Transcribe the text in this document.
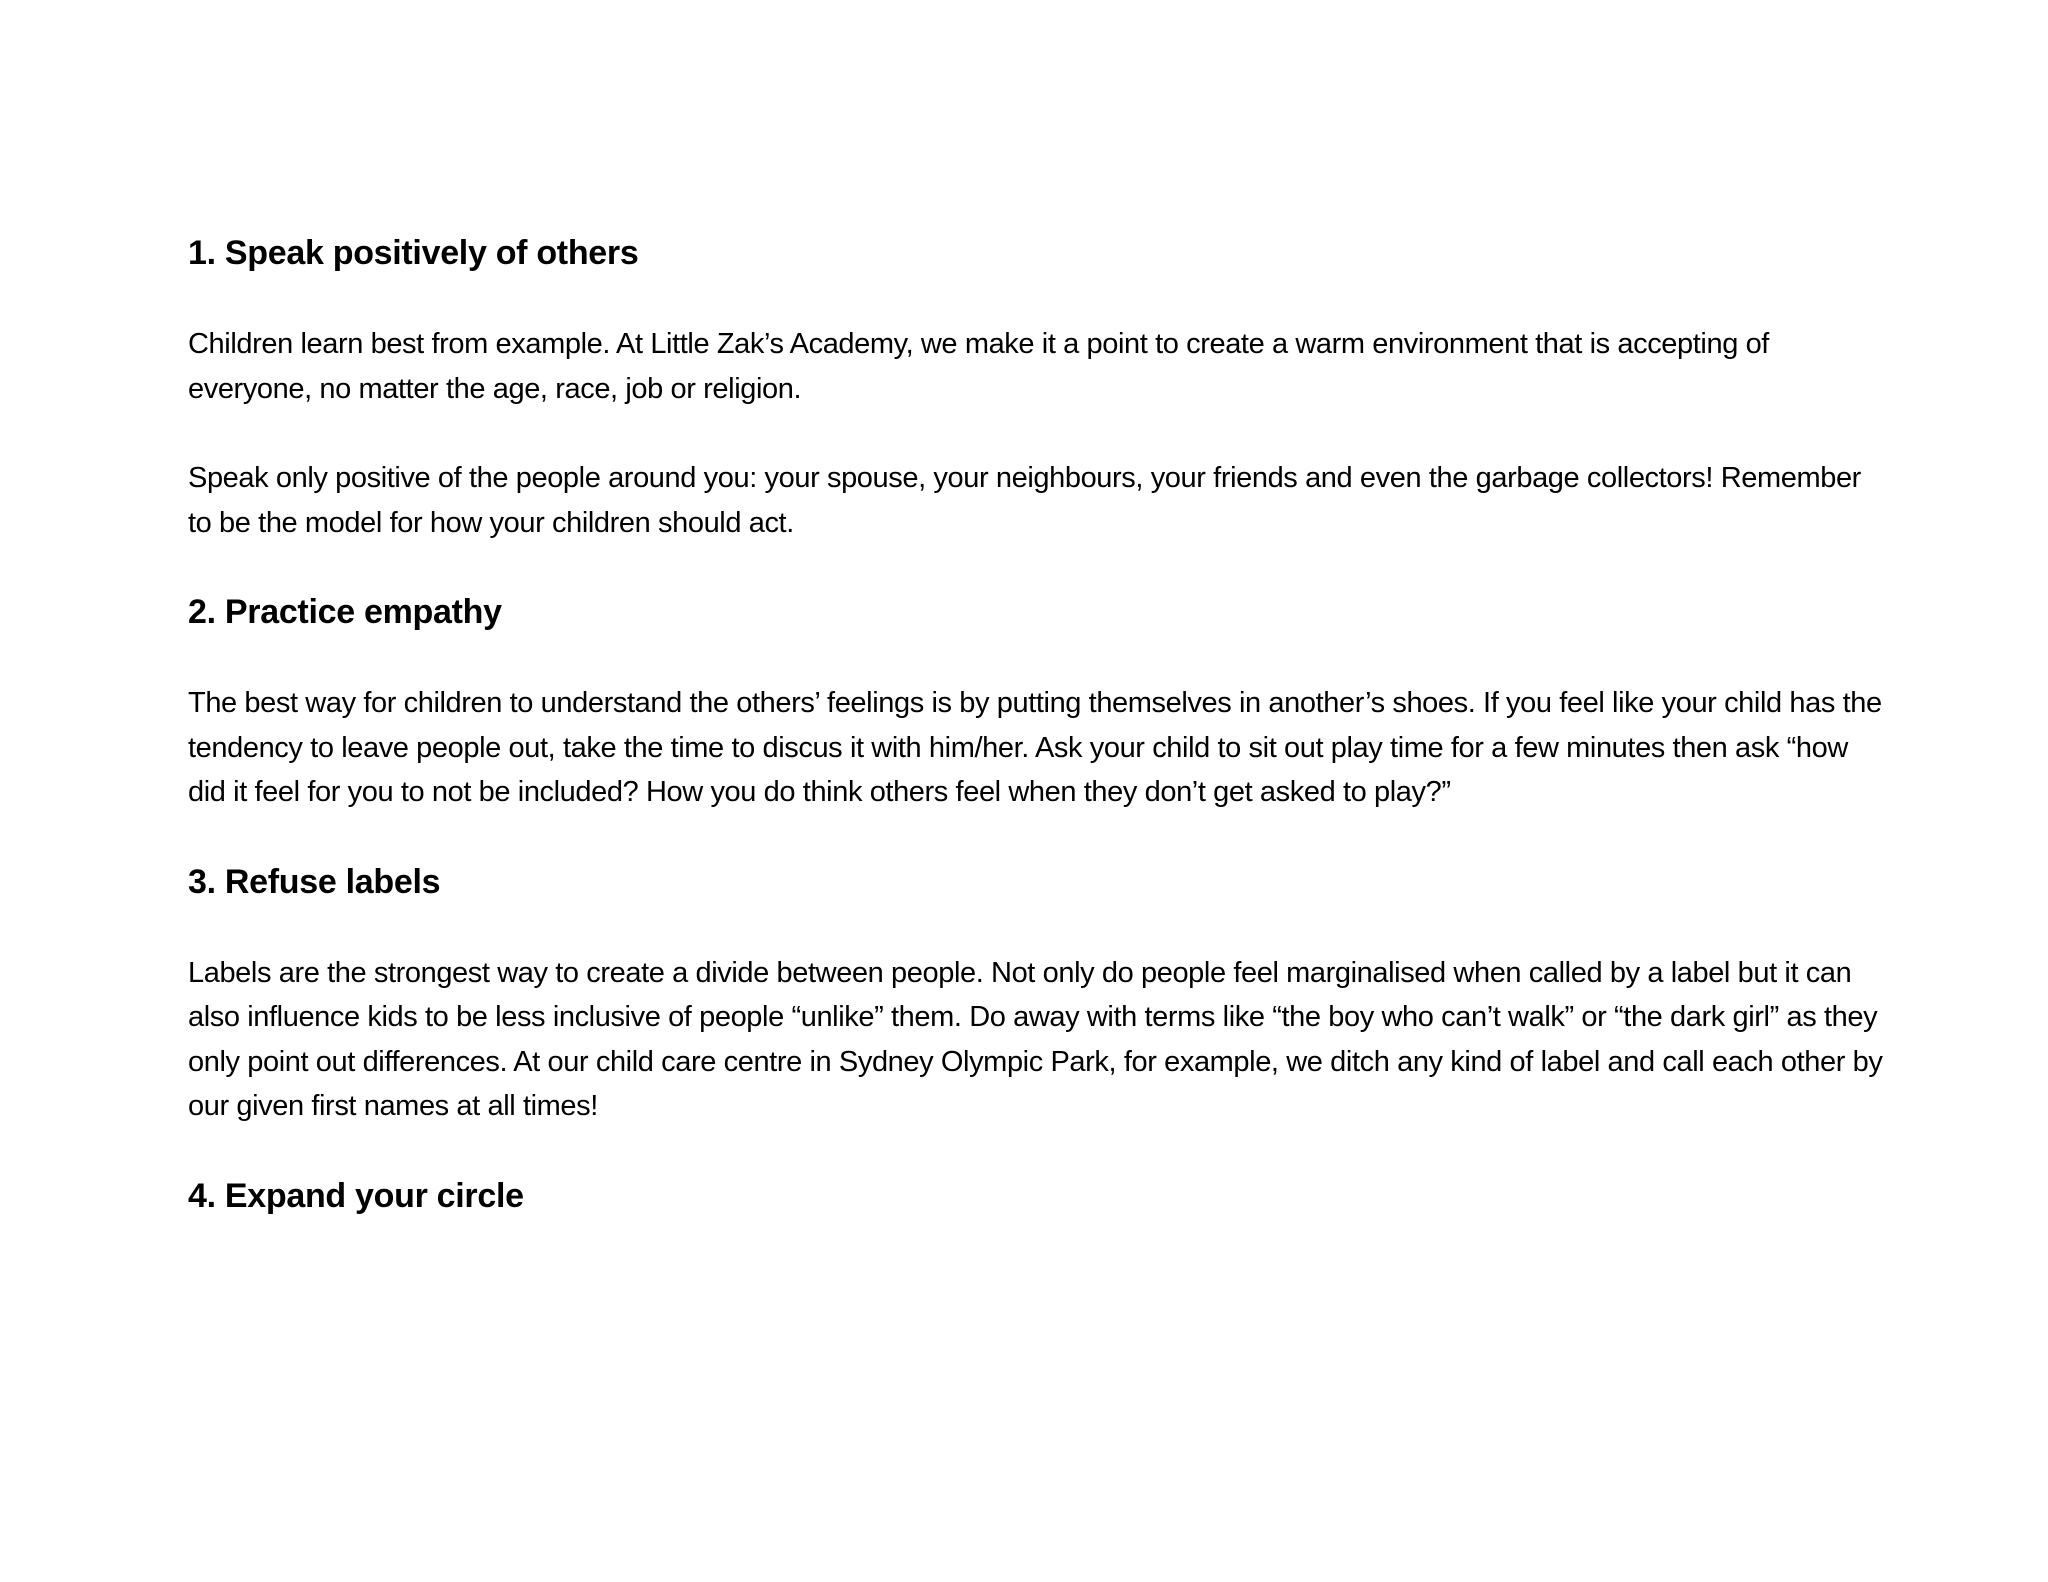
1. Speak positively of others

Children learn best from example. At Little Zak’s Academy, we make it a point to create a warm environment that is accepting of everyone, no matter the age, race, job or religion.

Speak only positive of the people around you: your spouse, your neighbours, your friends and even the garbage collectors! Remember to be the model for how your children should act.

2. Practice empathy

The best way for children to understand the others’ feelings is by putting themselves in another’s shoes. If you feel like your child has the tendency to leave people out, take the time to discus it with him/her. Ask your child to sit out play time for a few minutes then ask “how did it feel for you to not be included? How you do think others feel when they don’t get asked to play?”

3. Refuse labels

Labels are the strongest way to create a divide between people. Not only do people feel marginalised when called by a label but it can also influence kids to be less inclusive of people “unlike” them. Do away with terms like “the boy who can’t walk” or “the dark girl” as they only point out differences. At our child care centre in Sydney Olympic Park, for example, we ditch any kind of label and call each other by our given first names at all times!

4. Expand your circle
